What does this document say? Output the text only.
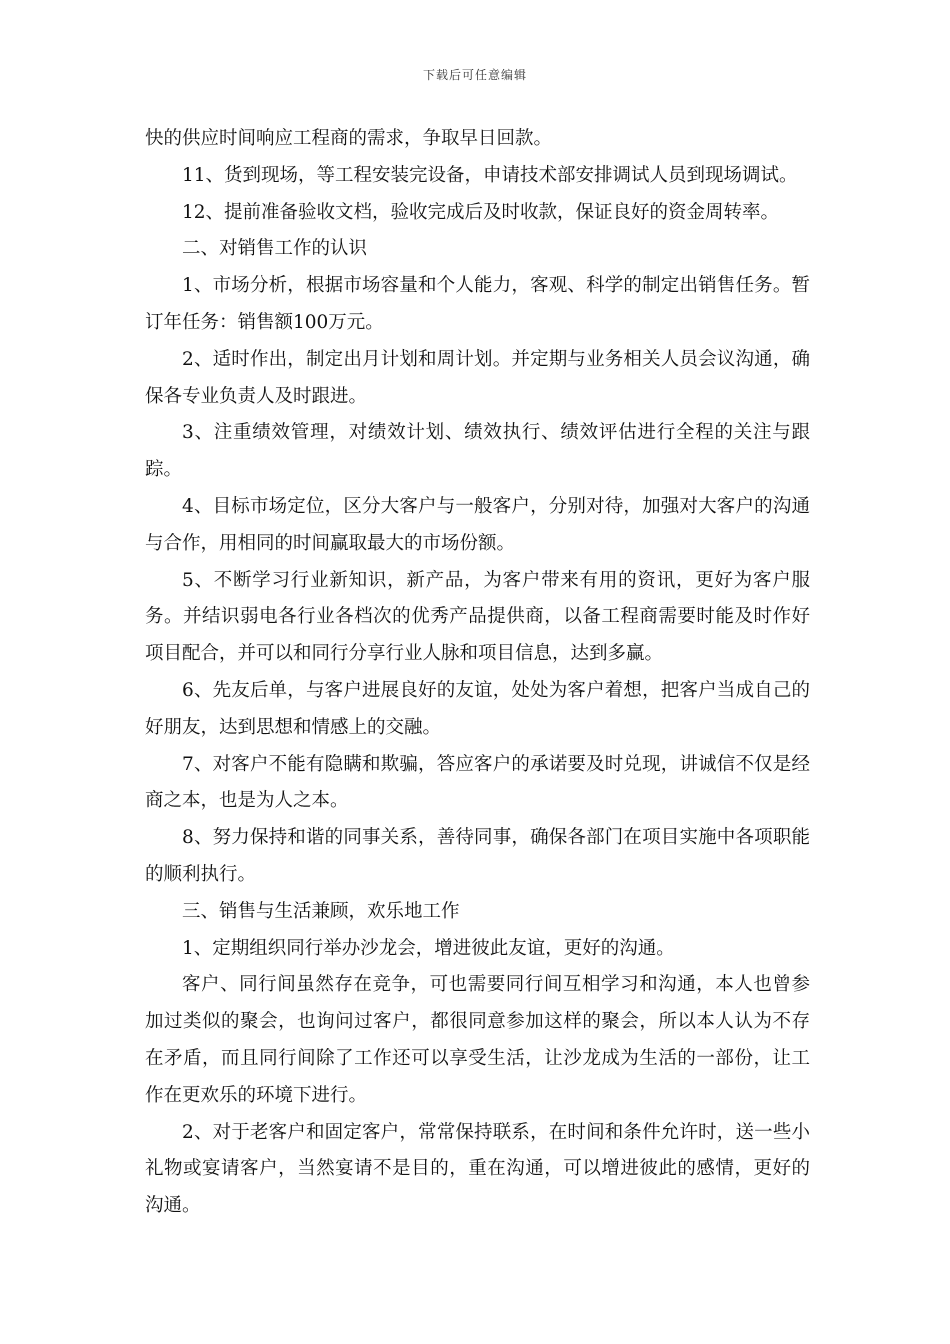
下载后可任意编辑

快的供应时间响应工程商的需求，争取早日回款。

11、货到现场，等工程安装完设备，申请技术部安排调试人员到现场调试。

12、提前准备验收文档，验收完成后及时收款，保证良好的资金周转率。

二、对销售工作的认识

1、市场分析，根据市场容量和个人能力，客观、科学的制定出销售任务。暂订年任务：销售额100万元。

2、适时作出，制定出月计划和周计划。并定期与业务相关人员会议沟通，确保各专业负责人及时跟进。

3、注重绩效管理，对绩效计划、绩效执行、绩效评估进行全程的关注与跟踪。

4、目标市场定位，区分大客户与一般客户，分别对待，加强对大客户的沟通与合作，用相同的时间赢取最大的市场份额。

5、不断学习行业新知识，新产品，为客户带来有用的资讯，更好为客户服务。并结识弱电各行业各档次的优秀产品提供商，以备工程商需要时能及时作好项目配合，并可以和同行分享行业人脉和项目信息，达到多赢。

6、先友后单，与客户进展良好的友谊，处处为客户着想，把客户当成自己的好朋友，达到思想和情感上的交融。

7、对客户不能有隐瞒和欺骗，答应客户的承诺要及时兑现，讲诚信不仅是经商之本，也是为人之本。

8、努力保持和谐的同事关系，善待同事，确保各部门在项目实施中各项职能的顺利执行。

三、销售与生活兼顾，欢乐地工作

1、定期组织同行举办沙龙会，增进彼此友谊，更好的沟通。

客户、同行间虽然存在竞争，可也需要同行间互相学习和沟通，本人也曾参加过类似的聚会，也询问过客户，都很同意参加这样的聚会，所以本人认为不存在矛盾，而且同行间除了工作还可以享受生活，让沙龙成为生活的一部份，让工作在更欢乐的环境下进行。

2、对于老客户和固定客户，常常保持联系，在时间和条件允许时，送一些小礼物或宴请客户，当然宴请不是目的，重在沟通，可以增进彼此的感情，更好的沟通。
